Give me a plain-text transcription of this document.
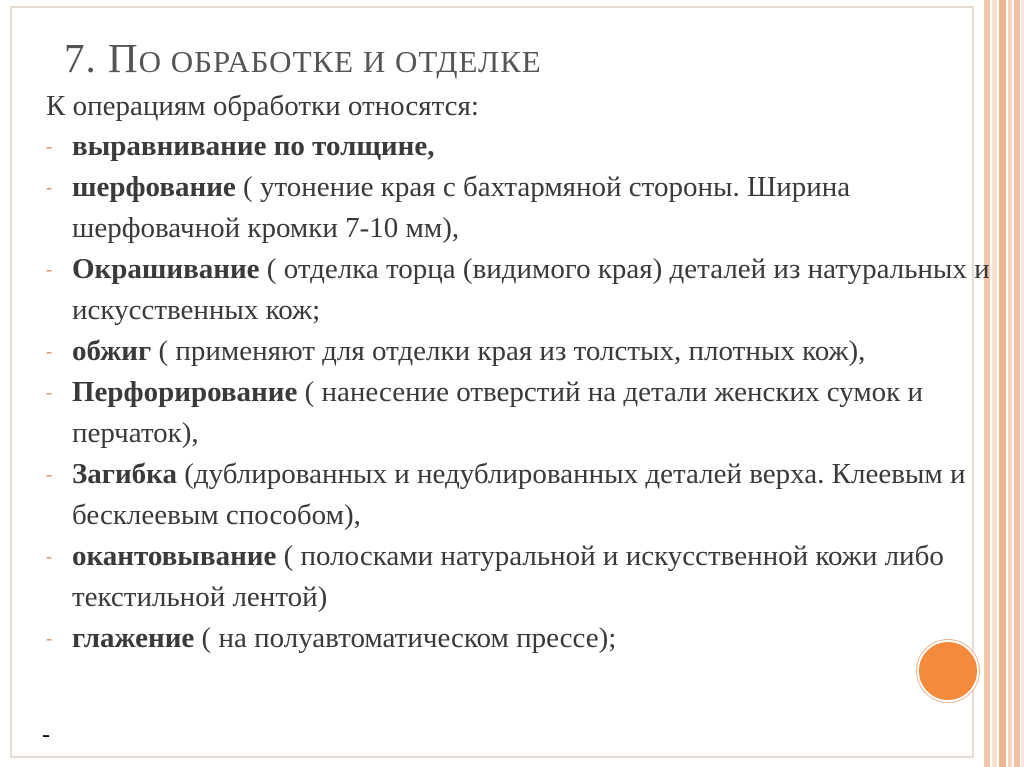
7. ПО ОБРАБОТКЕ И ОТДЕЛКЕ
К операциям обработки относятся:
- выравнивание по толщине,
- шерфование ( утонение края с бахтармяной стороны. Ширина шерфовачной кромки 7-10 мм),
- Окрашивание ( отделка торца (видимого края) деталей из натуральных и искусственных кож;
- обжиг ( применяют для отделки края из толстых, плотных кож),
- Перфорирование ( нанесение отверстий на детали женских сумок и перчаток),
- Загибка (дублированных и недублированных деталей верха. Клеевым и бесклеевым способом),
- окантовывание ( полосками натуральной и искусственной кожи либо текстильной лентой)
- глажение ( на полуавтоматическом прессе);
-
